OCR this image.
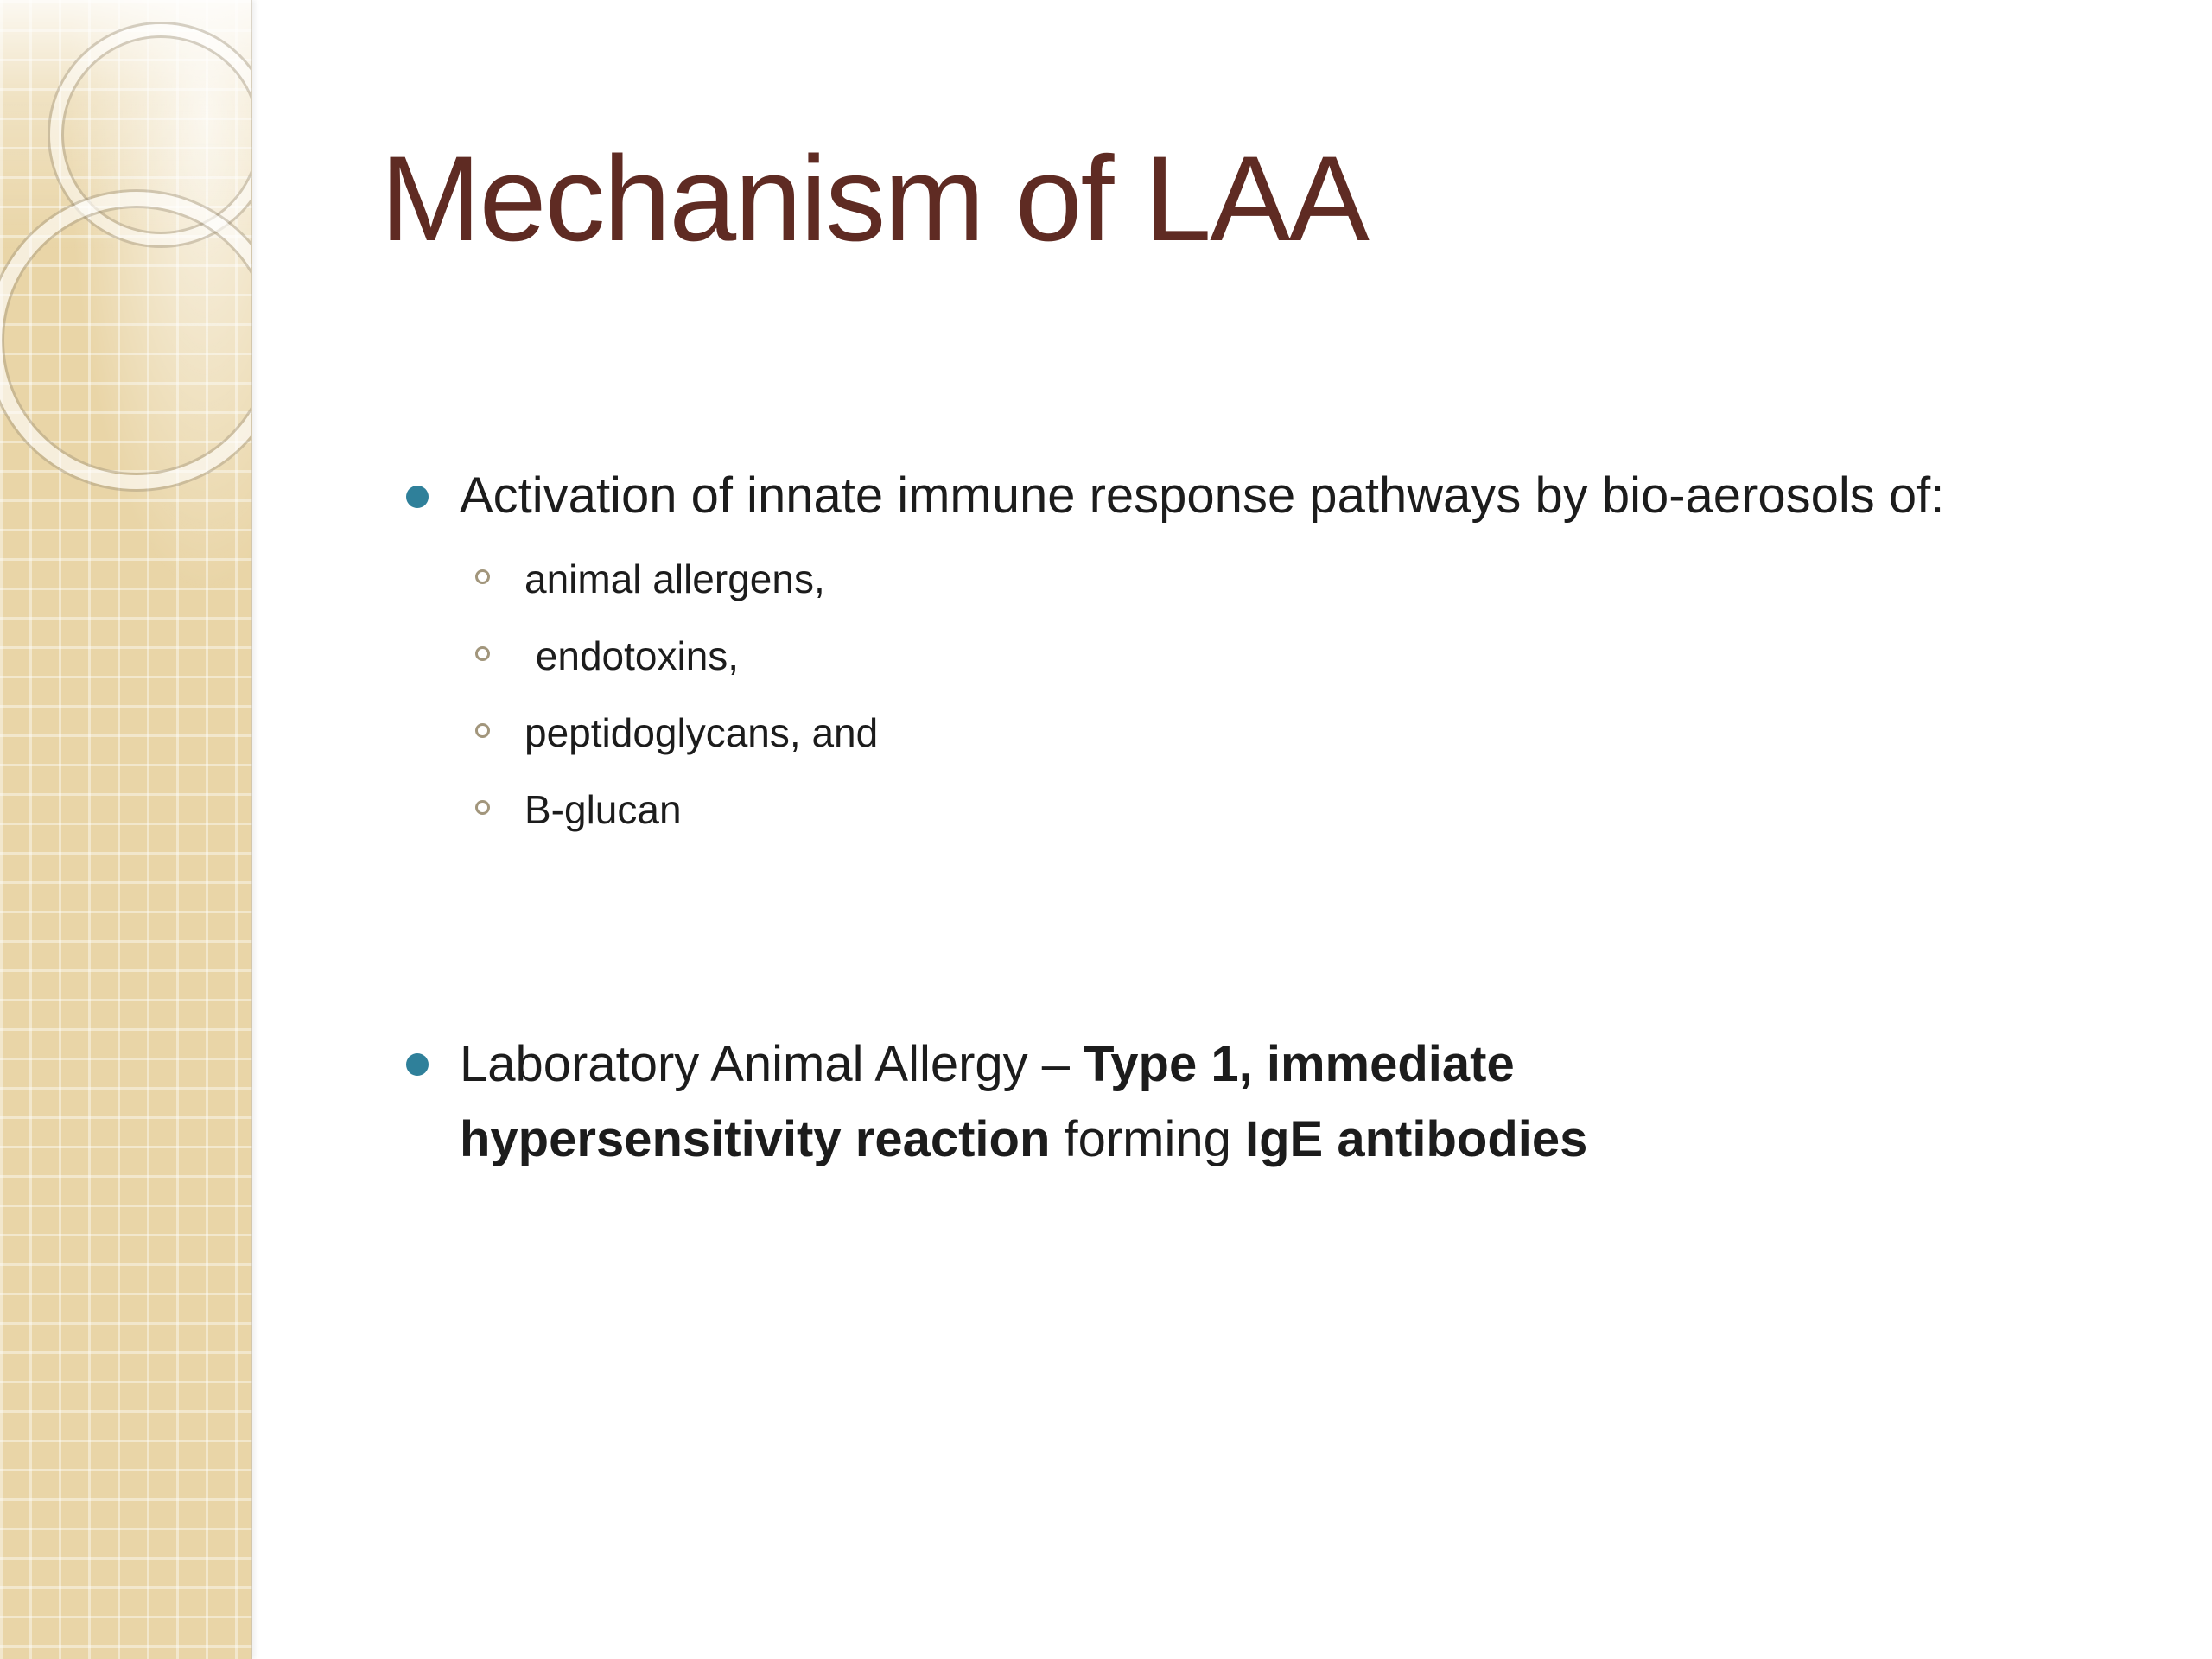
Mechanism of LAA

Activation of innate immune response pathways by bio-aerosols of:

animal allergens,
endotoxins,
peptidoglycans, and
B-glucan

Laboratory Animal Allergy – Type 1, immediate hypersensitivity reaction forming IgE antibodies
